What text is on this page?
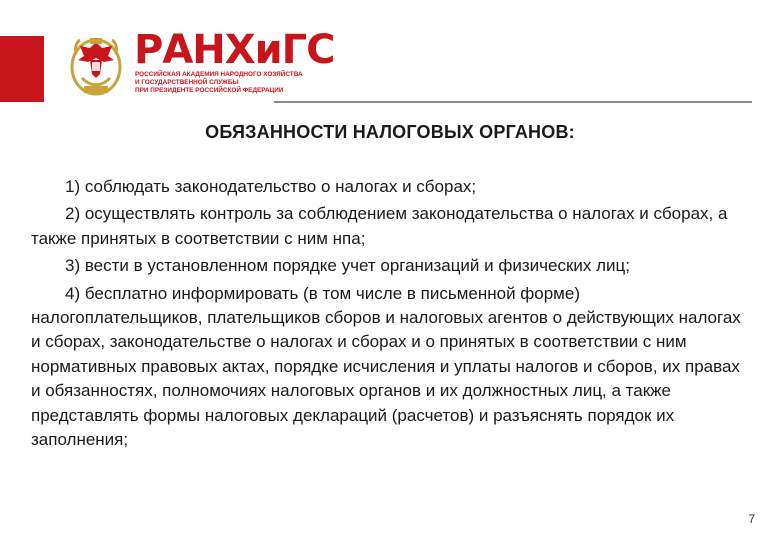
РАНХиГС
РОССИЙСКАЯ АКАДЕМИЯ НАРОДНОГО ХОЗЯЙСТВА
И ГОСУДАРСТВЕННОЙ СЛУЖБЫ
ПРИ ПРЕЗИДЕНТЕ РОССИЙСКОЙ ФЕДЕРАЦИИ
ОБЯЗАННОСТИ НАЛОГОВЫХ ОРГАНОВ:

1) соблюдать законодательство о налогах и сборах;

2) осуществлять контроль за соблюдением законодательства о налогах и сборах, а также принятых в соответствии с ним нпа;

3) вести в установленном порядке учет организаций и физических лиц;

4) бесплатно информировать (в том числе в письменной форме) налогоплательщиков, плательщиков сборов и налоговых агентов о действующих налогах и сборах, законодательстве о налогах и сборах и о принятых в соответствии с ним нормативных правовых актах, порядке исчисления и уплаты налогов и сборов, их правах и обязанностях, полномочиях налоговых органов и их должностных лиц, а также представлять формы налоговых деклараций (расчетов) и разъяснять порядок их заполнения;

7
